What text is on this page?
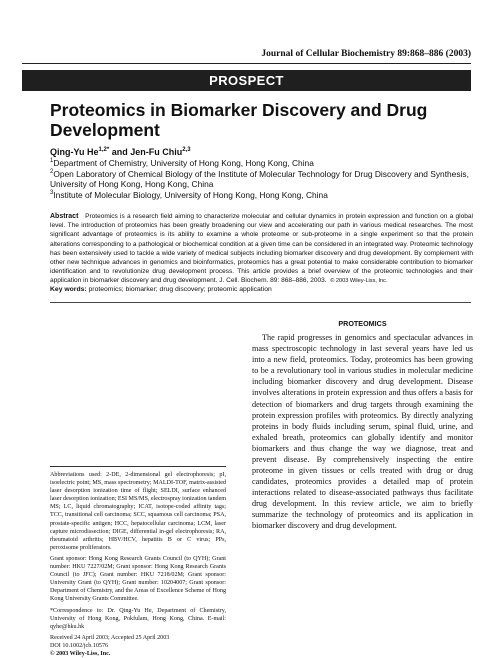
Journal of Cellular Biochemistry 89:868–886 (2003)
PROSPECT
Proteomics in Biomarker Discovery and Drug Development
Qing-Yu $He^{1,2*}$ and Jen-Fu Chiu$^{2,3}$
$^1$Department of Chemistry, University of Hong Kong, Hong Kong, China
$^2$Open Laboratory of Chemical Biology of the Institute of Molecular Technology for Drug Discovery and Synthesis, University of Hong Kong, Hong Kong, China
$^3$Institute of Molecular Biology, University of Hong Kong, Hong Kong, China
Abstract Proteomics is a research field aiming to characterize molecular and cellular dynamics in protein expression and function on a global level. The introduction of proteomics has been greatly broadening our view and accelerating our path in various medical researches. The most significant advantage of proteomics is its ability to examine a whole proteome or sub-proteome in a single experiment so that the protein alterations corresponding to a pathological or biochemical condition at a given time can be considered in an integrated way. Proteomic technology has been extensively used to tackle a wide variety of medical subjects including biomarker discovery and drug development. By complement with other new technique advances in genomics and bioinformatics, proteomics has a great potential to make considerable contribution to biomarker identification and to revolutionize drug development process. This article provides a brief overview of the proteomic technologies and their application in biomarker discovery and drug development. J. Cell. Biochem. 89: 868–886, 2003. © 2003 Wiley-Liss, Inc.
Key words: proteomics; biomarker; drug discovery; proteomic application

Abbreviations used: 2-DE, 2-dimensional gel electrophoresis; pI, isoelectric point; MS, mass spectrometry; MALDI-TOF, matrix-assisted laser desorption ionization time of flight; SELDI, surface enhanced laser desorption ionization; ESI MS/MS, electrospray ionization tandem MS; LC, liquid chromatography; ICAT, isotope-coded affinity tags; TCC, transitional cell carcinoma; SCC, squamous cell carcinoma; PSA, prostate-specific antigen; HCC, hepatocellular carcinoma; LCM, laser capture microdissection; DIGE, differential in-gel electrophoresis; RA, rheumatoid arthritis; HBV/HCV, hepatitis B or C virus; PPs, peroxisome proliferators.

Grant sponsor: Hong Kong Research Grants Council (to QYH); Grant number: HKU 7227/02M; Grant sponsor: Hong Kong Research Grants Council (to JFC); Grant number: HKU 7218/02M; Grant sponsor: University Grant (to QYH); Grant number: 10204007; Grant sponsor: Department of Chemistry, and the Areas of Excellence Scheme of Hong Kong University Grants Committee.

*Correspondence to: Dr. Qing-Yu He, Department of Chemistry, University of Hong Kong, Pokfulam, Hong Kong, China. E-mail: qyhe@hku.hk

Received 24 April 2003; Accepted 25 April 2003

DOI 10.1002/jcb.10576

© 2003 Wiley-Liss, Inc.

PROTEOMICS

The rapid progresses in genomics and spectacular advances in mass spectroscopic technology in last several years have led us into a new field, proteomics. Today, proteomics has been growing to be a revolutionary tool in various studies in molecular medicine including biomarker discovery and drug development. Disease involves alterations in protein expression and thus offers a basis for detection of biomarkers and drug targets through examining the protein expression profiles with proteomics. By directly analyzing proteins in body fluids including serum, spinal fluid, urine, and exhaled breath, proteomics can globally identify and monitor biomarkers and thus change the way we diagnose, treat and prevent disease. By comprehensively inspecting the entire proteome in given tissues or cells treated with drug or drug candidates, proteomics provides a detailed map of protein interactions related to disease-associated pathways thus facilitate drug development. In this review article, we aim to briefly summarize the technology of proteomics and its application in biomarker discovery and drug development.
